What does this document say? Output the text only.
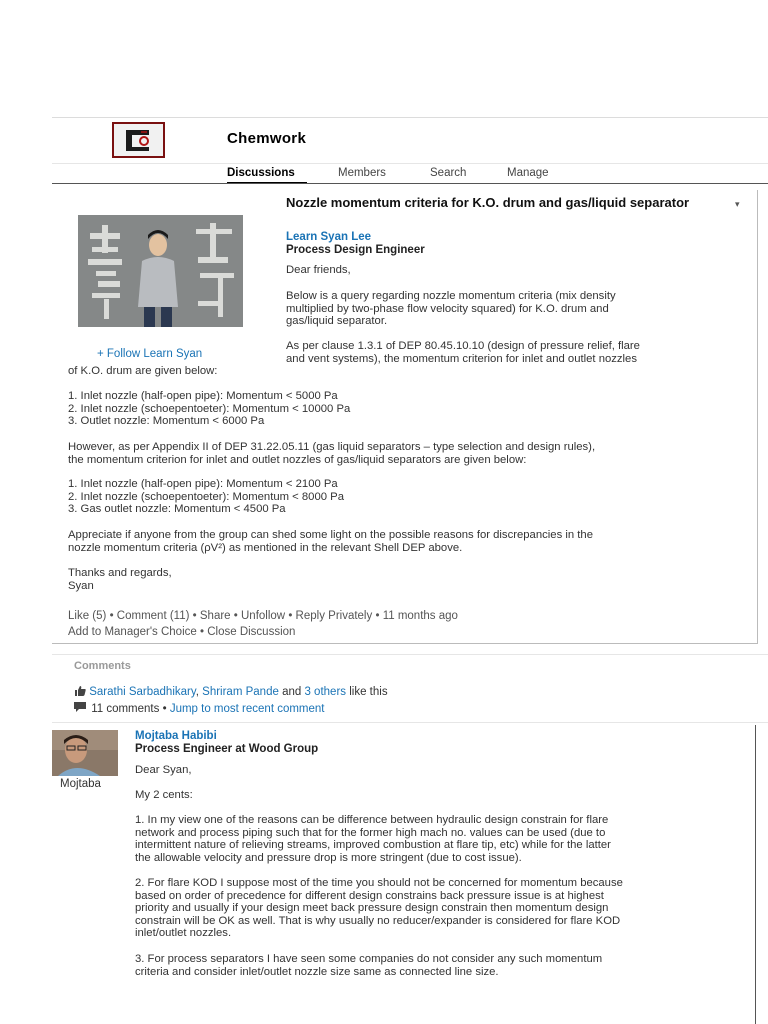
Chemwork
Discussions	Members	Search	Manage
+ Follow Learn Syan
Nozzle momentum criteria for K.O. drum and gas/liquid separator	▾
Learn Syan Lee
Process Design Engineer
Dear friends,
Below is a query regarding nozzle momentum criteria (mix density
multiplied by two-phase flow velocity squared) for K.O. drum and
gas/liquid separator.
As per clause 1.3.1 of DEP 80.45.10.10 (design of pressure relief, flare
and vent systems), the momentum criterion for inlet and outlet nozzles
of K.O. drum are given below:
1. Inlet nozzle (half-open pipe): Momentum < 5000 Pa
2. Inlet nozzle (schoepentoeter): Momentum < 10000 Pa
3. Outlet nozzle: Momentum < 6000 Pa
However, as per Appendix II of DEP 31.22.05.11 (gas liquid separators – type selection and design rules),
the momentum criterion for inlet and outlet nozzles of gas/liquid separators are given below:
1. Inlet nozzle (half-open pipe): Momentum < 2100 Pa
2. Inlet nozzle (schoepentoeter): Momentum < 8000 Pa
3. Gas outlet nozzle: Momentum < 4500 Pa
Appreciate if anyone from the group can shed some light on the possible reasons for discrepancies in the
nozzle momentum criteria (ρV²) as mentioned in the relevant Shell DEP above.
Thanks and regards,
Syan
Like (5) • Comment (11) • Share • Unfollow • Reply Privately • 11 months ago
Add to Manager's Choice • Close Discussion
Comments
Sarathi Sarbadhikary, Shriram Pande and 3 others like this
11 comments • Jump to most recent comment
Mojtaba
Mojtaba Habibi
Process Engineer at Wood Group
Dear Syan,
My 2 cents:
1. In my view one of the reasons can be difference between hydraulic design constrain for flare
network and process piping such that for the former high mach no. values can be used (due to
intermittent nature of relieving streams, improved combustion at flare tip, etc) while for the latter
the allowable velocity and pressure drop is more stringent (due to cost issue).
2. For flare KOD I suppose most of the time you should not be concerned for momentum because
based on order of precedence for different design constrains back pressure issue is at highest
priority and usually if your design meet back pressure design constrain then momentum design
constrain will be OK as well. That is why usually no reducer/expander is considered for flare KOD
inlet/outlet nozzles.
3. For process separators I have seen some companies do not consider any such momentum
criteria and consider inlet/outlet nozzle size same as connected line size.
